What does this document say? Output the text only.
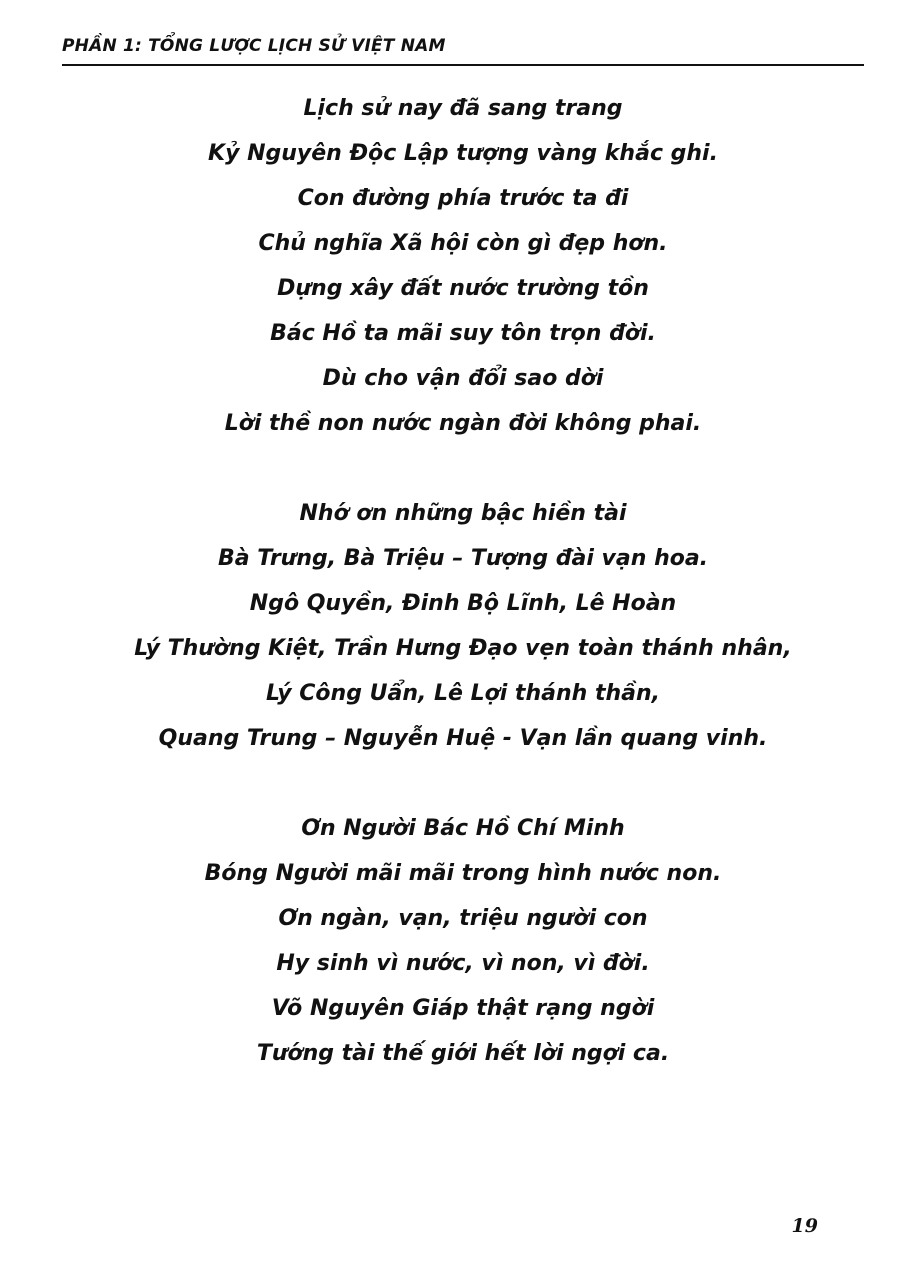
PHẦN 1: TỔNG LƯỢC LỊCH SỬ VIỆT NAM
Lịch sử nay đã sang trang
Kỷ Nguyên Độc Lập tượng vàng khắc ghi.
Con đường phía trước ta đi
Chủ nghĩa Xã hội còn gì đẹp hơn.
Dựng xây đất nước trường tồn
Bác Hồ ta mãi suy tôn trọn đời.
Dù cho vận đổi sao dời
Lời thề non nước ngàn đời không phai.
Nhớ ơn những bậc hiền tài
Bà Trưng, Bà Triệu – Tượng đài vạn hoa.
Ngô Quyền, Đinh Bộ Lĩnh, Lê Hoàn
Lý Thường Kiệt, Trần Hưng Đạo vẹn toàn thánh nhân,
Lý Công Uẩn, Lê Lợi thánh thần,
Quang Trung – Nguyễn Huệ - Vạn lần quang vinh.
Ơn Người Bác Hồ Chí Minh
Bóng Người mãi mãi trong hình nước non.
Ơn ngàn, vạn, triệu người con
Hy sinh vì nước, vì non, vì đời.
Võ Nguyên Giáp thật rạng ngời
Tướng tài thế giới hết lời ngợi ca.
19
